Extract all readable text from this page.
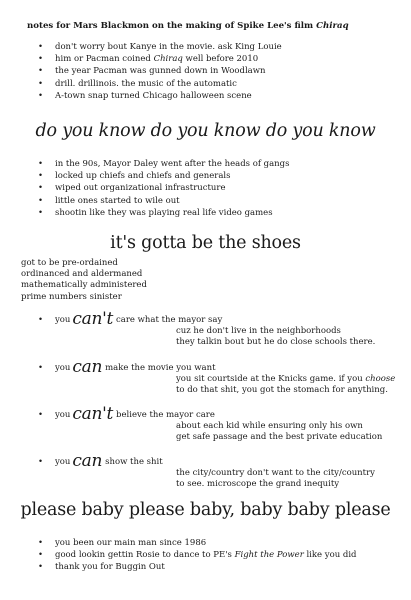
notes for Mars Blackmon on the making of Spike Lee's film Chiraq
• don't worry bout Kanye in the movie. ask King Louie
• him or Pacman coined Chiraq well before 2010
• the year Pacman was gunned down in Woodlawn
• drill. drillinois. the music of the automatic
• A-town snap turned Chicago halloween scene
do you know do you know do you know
• in the 90s, Mayor Daley went after the heads of gangs
• locked up chiefs and chiefs and generals
• wiped out organizational infrastructure
• little ones started to wile out
• shootin like they was playing real life video games
it's gotta be the shoes
got to be pre-ordained
ordinanced and aldermaned
mathematically administered
prime numbers sinister
•	you can't care what the mayor say
cuz he don't live in the neighborhoods
they talkin bout but he do close schools there.
•	you can make the movie you want
you sit courtside at the Knicks game. if you choose
to do that shit, you got the stomach for anything.
•	you can't believe the mayor care
about each kid while ensuring only his own
get safe passage and the best private education
•	you can show the shit
the city/country don't want to the city/country
to see. microscope the grand inequity
please baby please baby, baby baby please
• you been our main man since 1986
• good lookin gettin Rosie to dance to PE's Fight the Power like you did
• thank you for Buggin Out
